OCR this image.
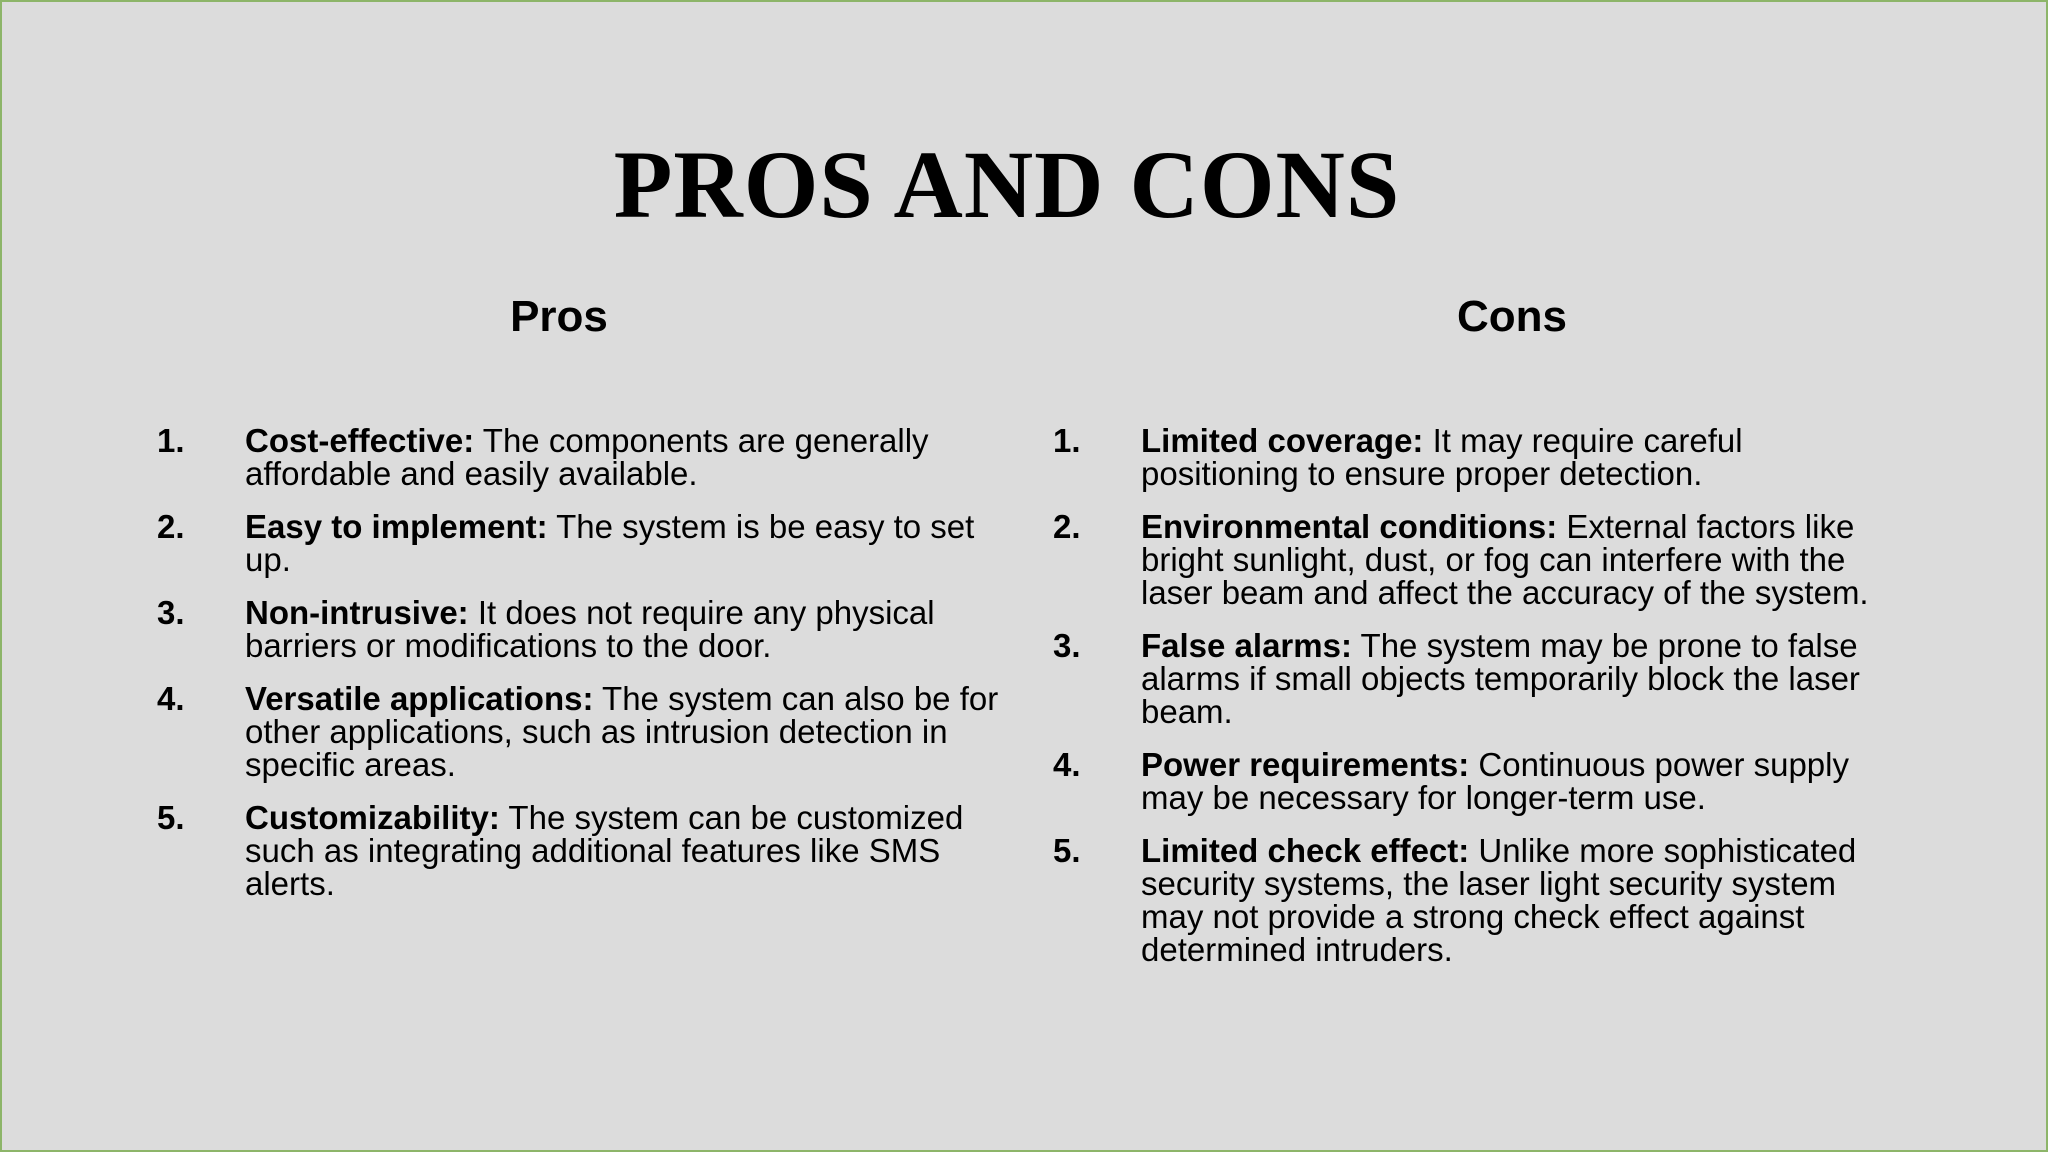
PROS AND CONS
Pros	Cons
1. Cost-effective: The components are generally affordable and easily available.
2. Easy to implement: The system is be easy to set up.
3. Non-intrusive: It does not require any physical barriers or modifications to the door.
4. Versatile applications: The system can also be for other applications, such as intrusion detection in specific areas.
5. Customizability: The system can be customized such as integrating additional features like SMS alerts.
1. Limited coverage: It may require careful positioning to ensure proper detection.
2. Environmental conditions: External factors like bright sunlight, dust, or fog can interfere with the laser beam and affect the accuracy of the system.
3. False alarms: The system may be prone to false alarms if small objects temporarily block the laser beam.
4. Power requirements: Continuous power supply may be necessary for longer-term use.
5. Limited check effect: Unlike more sophisticated security systems, the laser light security system may not provide a strong check effect against determined intruders.
